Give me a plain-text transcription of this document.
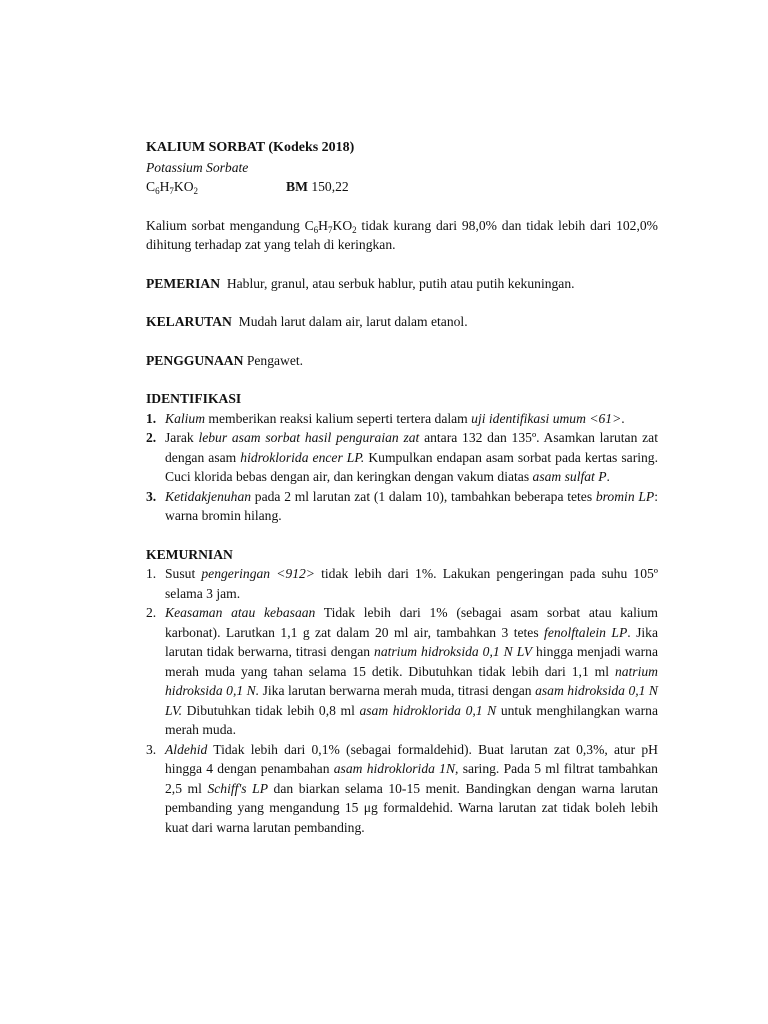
KALIUM SORBAT (Kodeks 2018)
Potassium Sorbate
$C_6H_7KO_2$	BM 150,22
Kalium sorbat mengandung $C_6H_7KO_2$ tidak kurang dari 98,0% dan tidak lebih dari 102,0% dihitung terhadap zat yang telah di keringkan.
PEMERIAN Hablur, granul, atau serbuk hablur, putih atau putih kekuningan.
KELARUTAN Mudah larut dalam air, larut dalam etanol.
PENGGUNAAN Pengawet.
IDENTIFIKASI
1. Kalium memberikan reaksi kalium seperti tertera dalam uji identifikasi umum <61>.
2. Jarak lebur asam sorbat hasil penguraian zat antara 132 dan 135º. Asamkan larutan zat dengan asam hidroklorida encer LP. Kumpulkan endapan asam sorbat pada kertas saring. Cuci klorida bebas dengan air, dan keringkan dengan vakum diatas asam sulfat P.
3. Ketidakjenuhan pada 2 ml larutan zat (1 dalam 10), tambahkan beberapa tetes bromin LP: warna bromin hilang.
KEMURNIAN
1. Susut pengeringan <912> tidak lebih dari 1%. Lakukan pengeringan pada suhu 105º selama 3 jam.
2. Keasaman atau kebasaan Tidak lebih dari 1% (sebagai asam sorbat atau kalium karbonat). Larutkan 1,1 g zat dalam 20 ml air, tambahkan 3 tetes fenolftalein LP. Jika larutan tidak berwarna, titrasi dengan natrium hidroksida 0,1 N LV hingga menjadi warna merah muda yang tahan selama 15 detik. Dibutuhkan tidak lebih dari 1,1 ml natrium hidroksida 0,1 N. Jika larutan berwarna merah muda, titrasi dengan asam hidroksida 0,1 N LV. Dibutuhkan tidak lebih 0,8 ml asam hidroklorida 0,1 N untuk menghilangkan warna merah muda.
3. Aldehid Tidak lebih dari 0,1% (sebagai formaldehid). Buat larutan zat 0,3%, atur pH hingga 4 dengan penambahan asam hidroklorida 1N, saring. Pada 5 ml filtrat tambahkan 2,5 ml Schiff's LP dan biarkan selama 10-15 menit. Bandingkan dengan warna larutan pembanding yang mengandung 15 μg formaldehid. Warna larutan zat tidak boleh lebih kuat dari warna larutan pembanding.
